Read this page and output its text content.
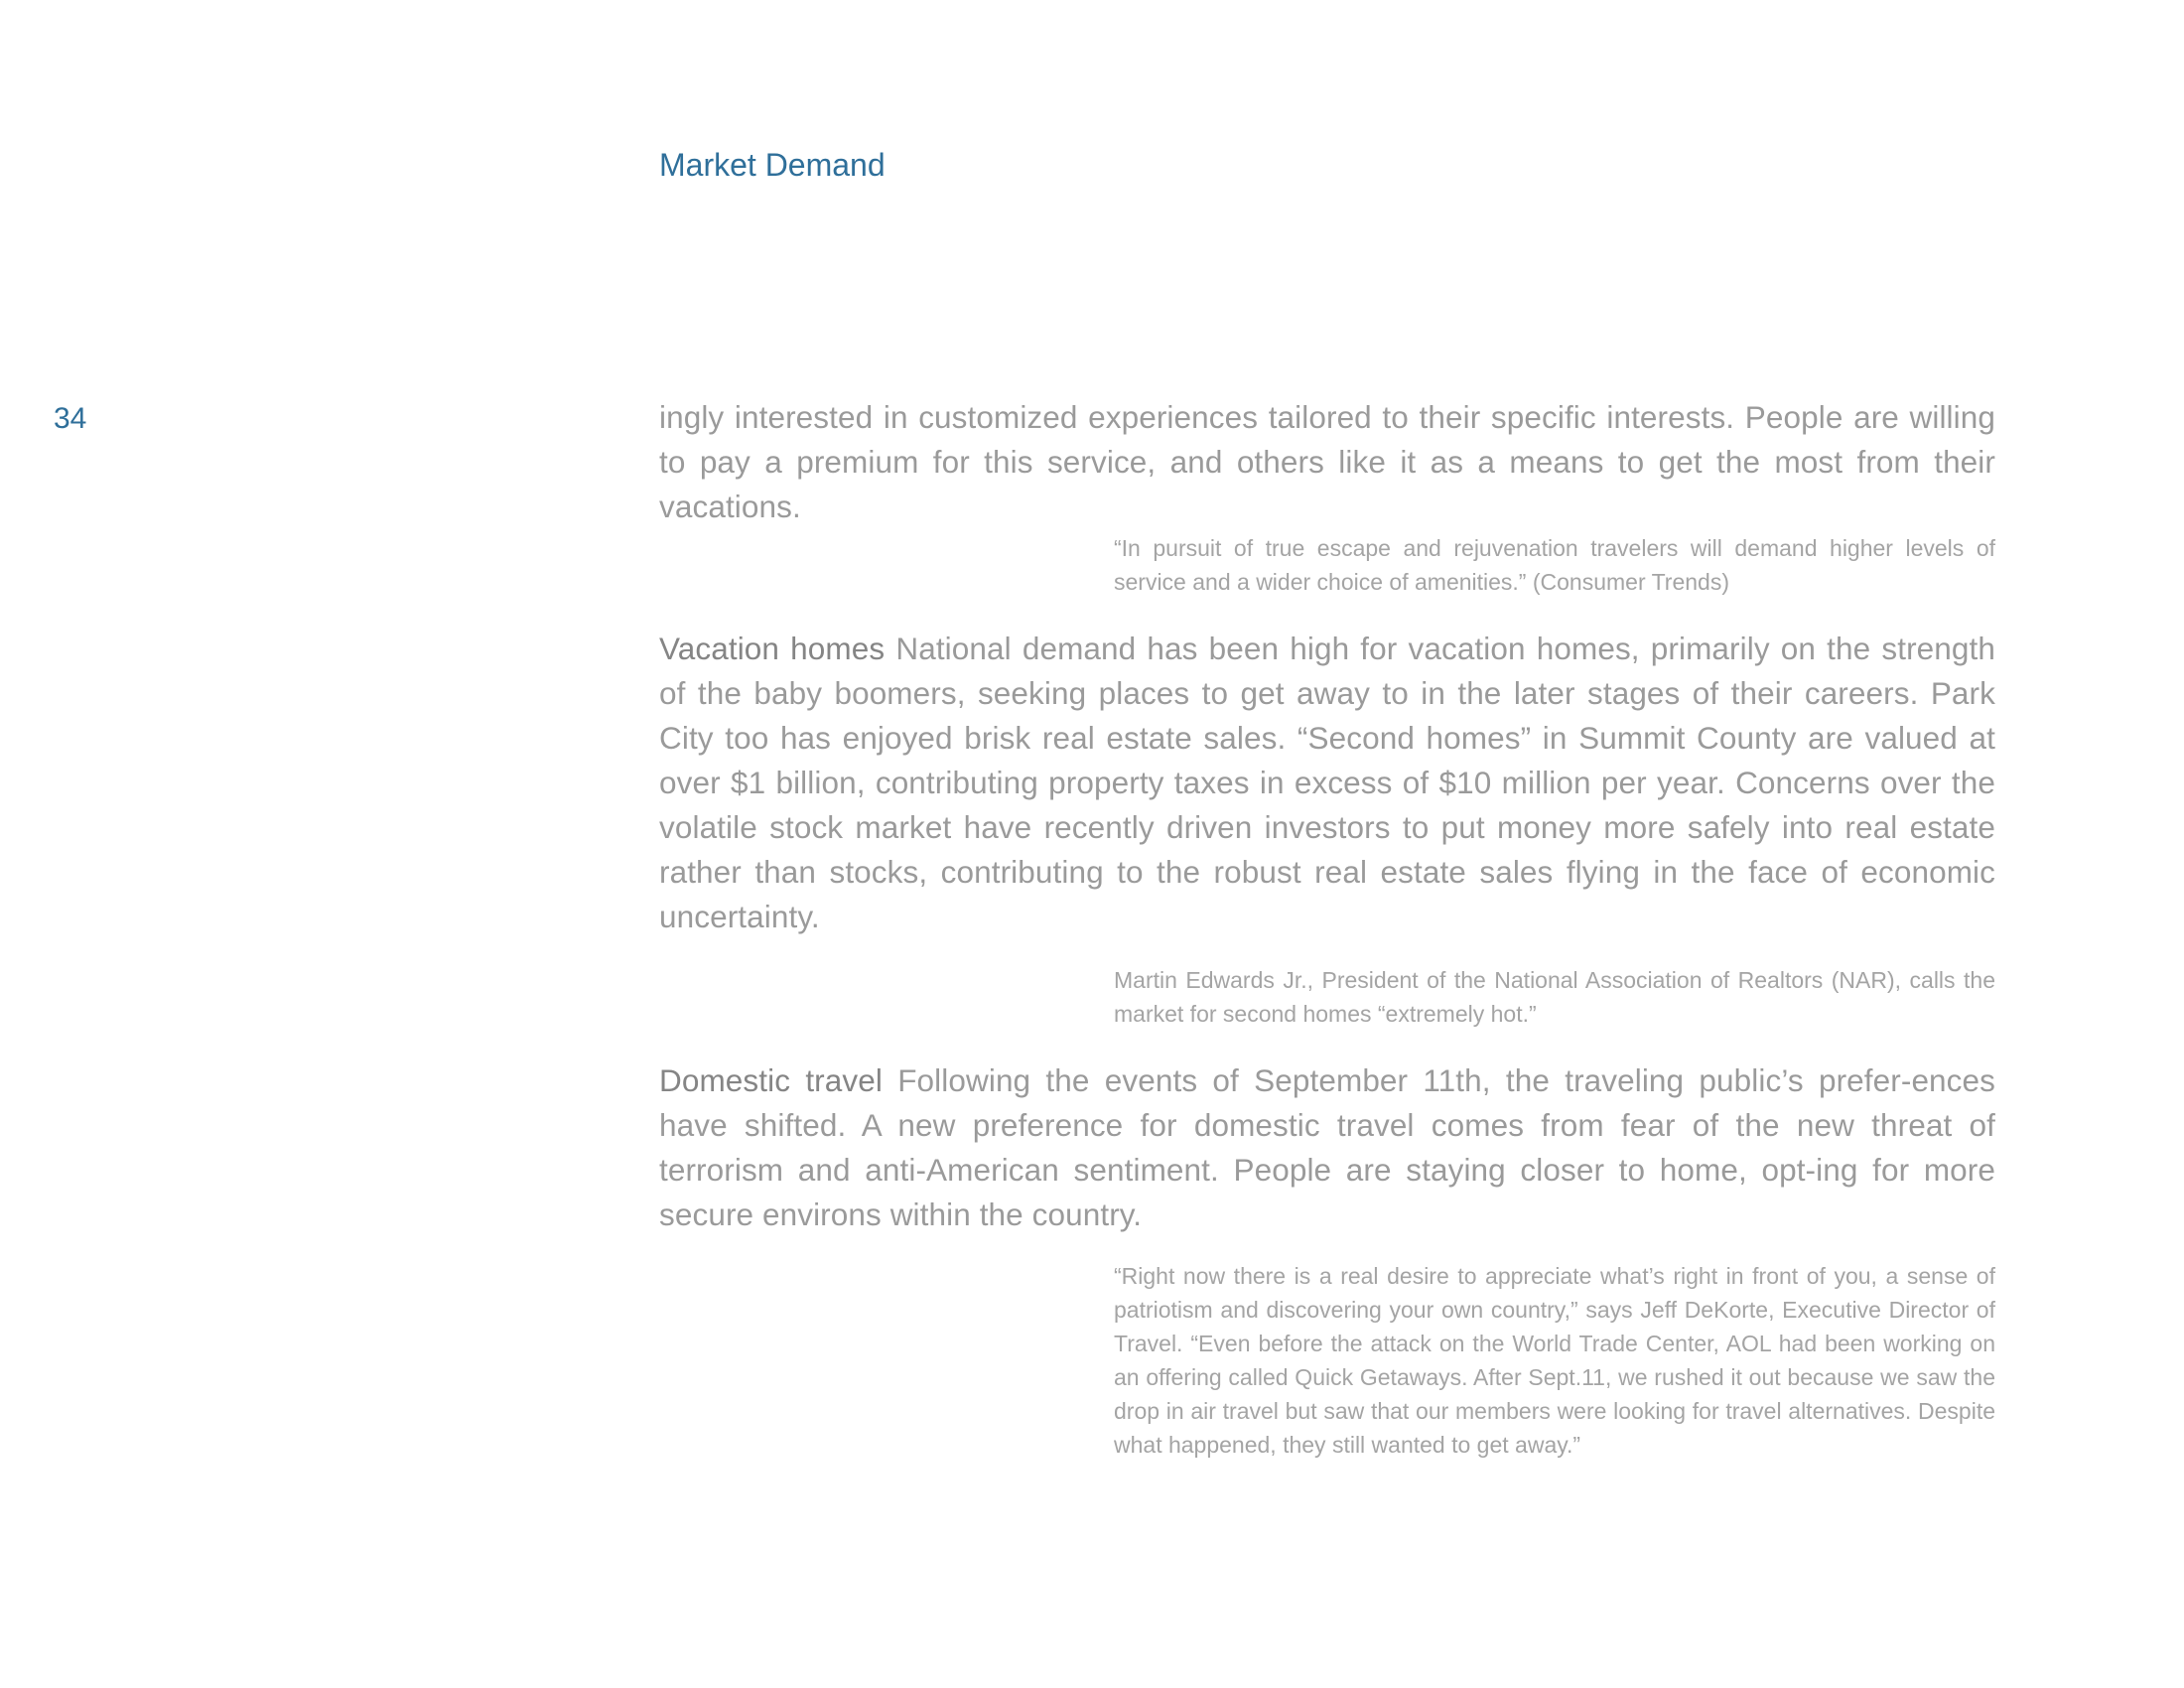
Market Demand
34	ingly interested in customized experiences tailored to their specific interests. People are willing to pay a premium for this service, and others like it as a means to get the most from their vacations.

“In pursuit of true escape and rejuvenation travelers will demand higher levels of service and a wider choice of amenities.” (Consumer Trends)

Vacation homes National demand has been high for vacation homes, primarily on the strength of the baby boomers, seeking places to get away to in the later stages of their careers. Park City too has enjoyed brisk real estate sales. “Second homes” in Summit County are valued at over $1 billion, contributing property taxes in excess of $10 million per year. Concerns over the volatile stock market have recently driven investors to put money more safely into real estate rather than stocks, contributing to the robust real estate sales flying in the face of economic uncertainty.

Martin Edwards Jr., President of the National Association of Realtors (NAR), calls the market for second homes “extremely hot.”

Domestic travel Following the events of September 11th, the traveling public’s prefer-ences have shifted. A new preference for domestic travel comes from fear of the new threat of terrorism and anti-American sentiment. People are staying closer to home, opt-ing for more secure environs within the country.

“Right now there is a real desire to appreciate what’s right in front of you, a sense of patriotism and discovering your own country,” says Jeff DeKorte, Executive Director of Travel. “Even before the attack on the World Trade Center, AOL had been working on an offering called Quick Getaways. After Sept.11, we rushed it out because we saw the drop in air travel but saw that our members were looking for travel alternatives. Despite what happened, they still wanted to get away.”
